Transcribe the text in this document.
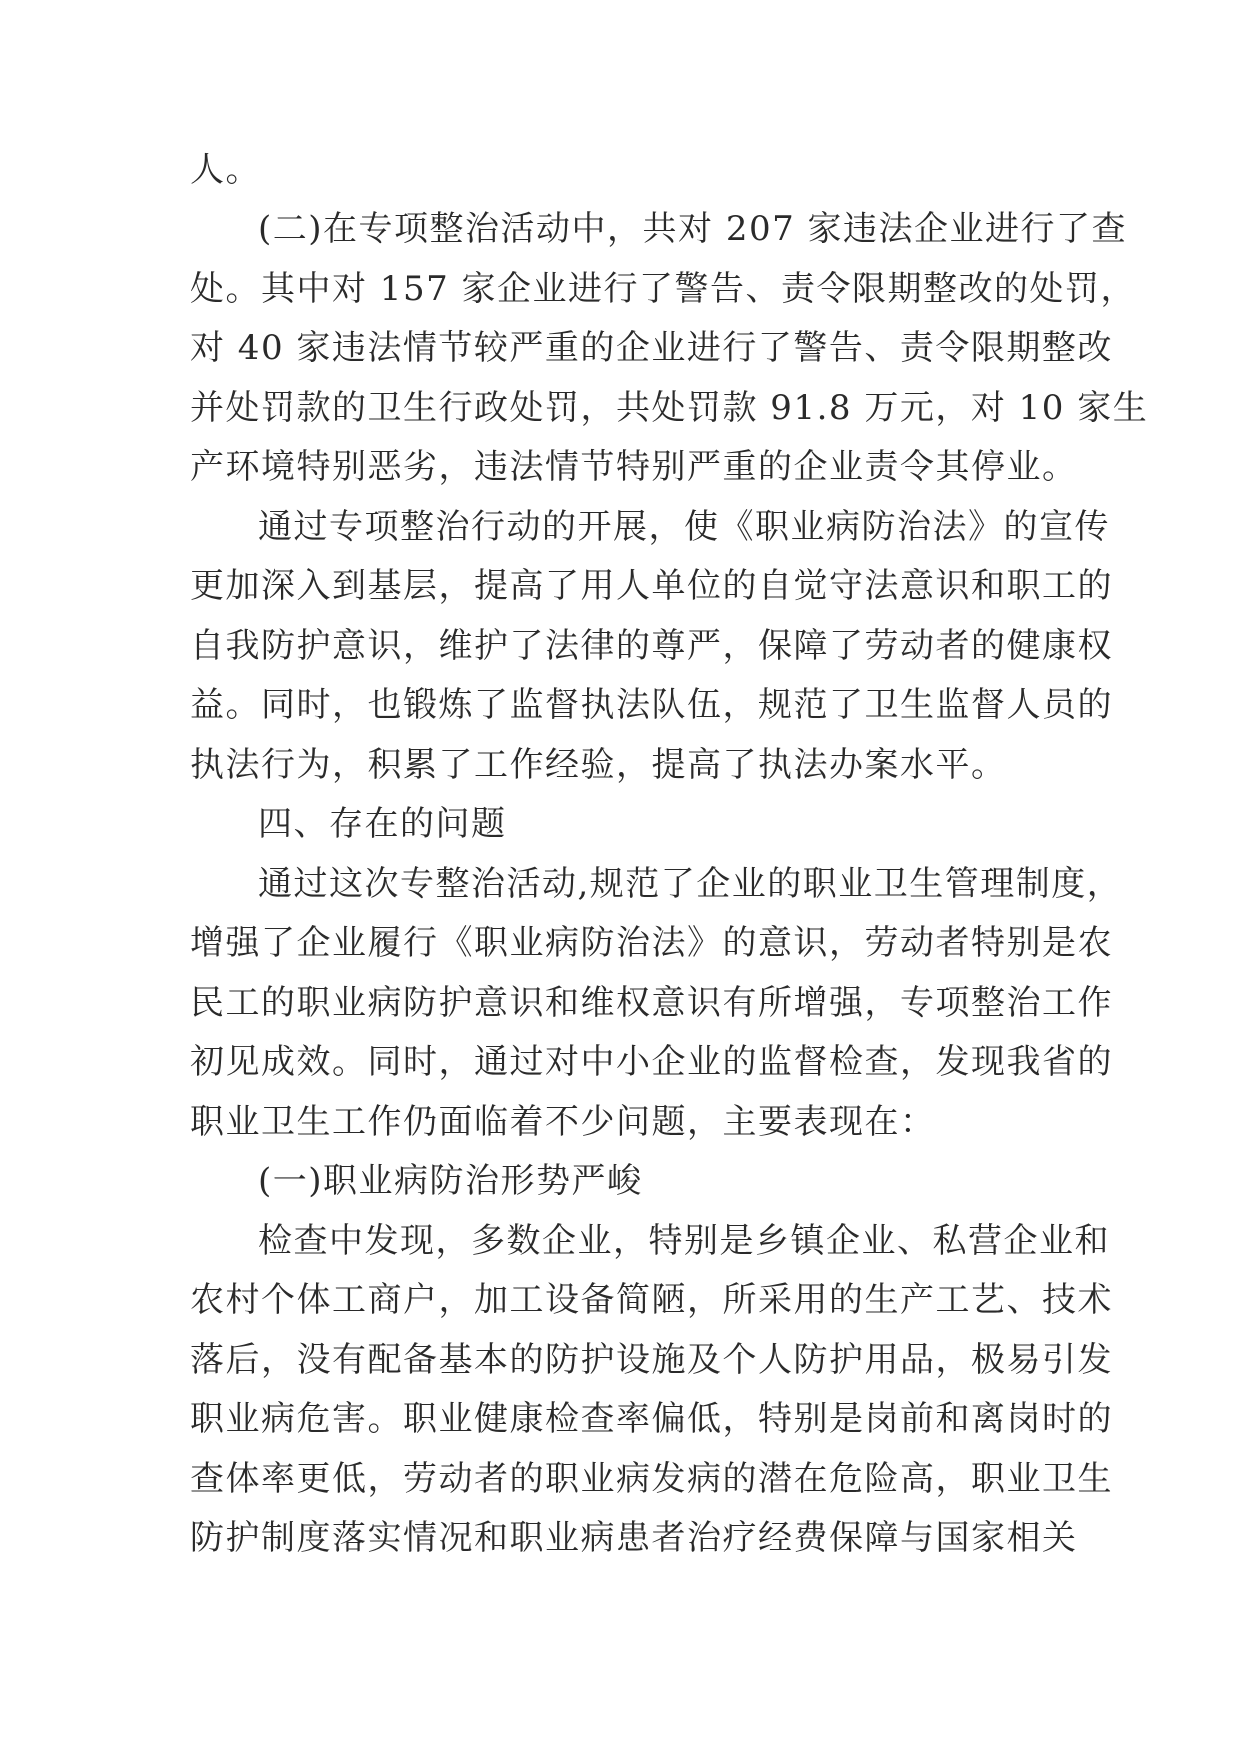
人。
(二)在专项整治活动中，共对 207 家违法企业进行了查
处。其中对 157 家企业进行了警告、责令限期整改的处罚，
对 40 家违法情节较严重的企业进行了警告、责令限期整改
并处罚款的卫生行政处罚，共处罚款 91.8 万元，对 10 家生
产环境特别恶劣，违法情节特别严重的企业责令其停业。
通过专项整治行动的开展，使《职业病防治法》的宣传
更加深入到基层，提高了用人单位的自觉守法意识和职工的
自我防护意识，维护了法律的尊严，保障了劳动者的健康权
益。同时，也锻炼了监督执法队伍，规范了卫生监督人员的
执法行为，积累了工作经验，提高了执法办案水平。
四、存在的问题
通过这次专整治活动,规范了企业的职业卫生管理制度，
增强了企业履行《职业病防治法》的意识，劳动者特别是农
民工的职业病防护意识和维权意识有所增强，专项整治工作
初见成效。同时，通过对中小企业的监督检查，发现我省的
职业卫生工作仍面临着不少问题，主要表现在：
(一)职业病防治形势严峻
检查中发现，多数企业，特别是乡镇企业、私营企业和
农村个体工商户，加工设备简陋，所采用的生产工艺、技术
落后，没有配备基本的防护设施及个人防护用品，极易引发
职业病危害。职业健康检查率偏低，特别是岗前和离岗时的
查体率更低，劳动者的职业病发病的潜在危险高，职业卫生
防护制度落实情况和职业病患者治疗经费保障与国家相关
